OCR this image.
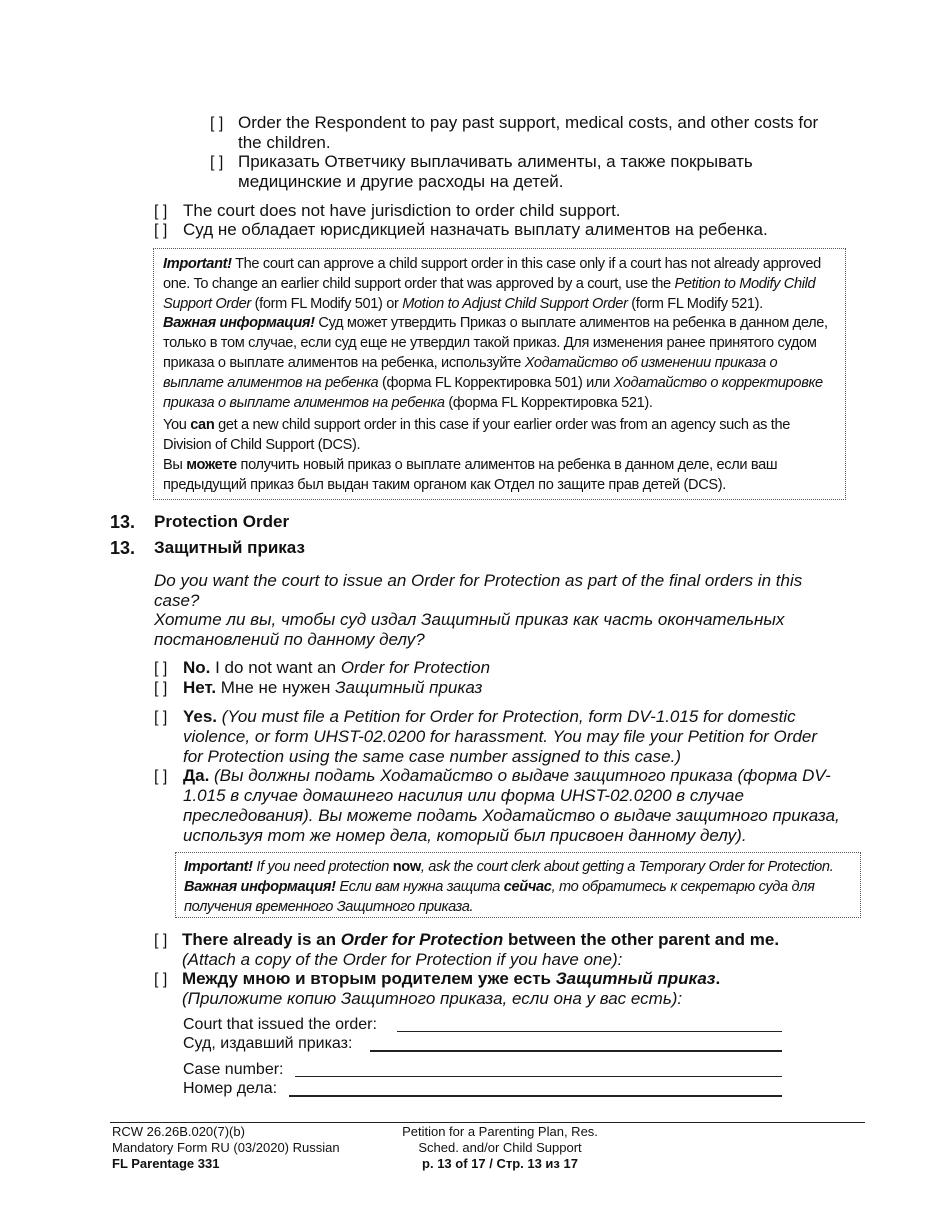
[ ] Order the Respondent to pay past support, medical costs, and other costs for the children.
[ ] Приказать Ответчику выплачивать алименты, а также покрывать медицинские и другие расходы на детей.
[ ] The court does not have jurisdiction to order child support.
[ ] Суд не обладает юрисдикцией назначать выплату алиментов на ребенка.

Important! The court can approve a child support order in this case only if a court has not already approved one. To change an earlier child support order that was approved by a court, use the Petition to Modify Child Support Order (form FL Modify 501) or Motion to Adjust Child Support Order (form FL Modify 521).

Важная информация! Суд может утвердить Приказ о выплате алиментов на ребенка в данном деле, только в том случае, если суд еще не утвердил такой приказ. Для изменения ранее принятого судом приказа о выплате алиментов на ребенка, используйте Ходатайство об изменении приказа о выплате алиментов на ребенка (форма FL Корректировка 501) или Ходатайство о корректировке приказа о выплате алиментов на ребенка (форма FL Корректировка 521).

You can get a new child support order in this case if your earlier order was from an agency such as the Division of Child Support (DCS).

Вы можете получить новый приказ о выплате алиментов на ребенка в данном деле, если ваш предыдущий приказ был выдан таким органом как Отдел по защите прав детей (DCS).

13. Protection Order
13. Защитный приказ
Do you want the court to issue an Order for Protection as part of the final orders in this case?
Хотите ли вы, чтобы суд издал Защитный приказ как часть окончательных постановлений по данному делу?
[ ] No. I do not want an Order for Protection
[ ] Нет. Мне не нужен Защитный приказ
[ ] Yes. (You must file a Petition for Order for Protection, form DV-1.015 for domestic violence, or form UHST-02.0200 for harassment. You may file your Petition for Order for Protection using the same case number assigned to this case.)
[ ] Да. (Вы должны подать Ходатайство о выдаче защитного приказа (форма DV-1.015 в случае домашнего насилия или форма UHST-02.0200 в случае преследования). Вы можете подать Ходатайство о выдаче защитного приказа, используя тот же номер дела, который был присвоен данному делу).

Important! If you need protection now, ask the court clerk about getting a Temporary Order for Protection.

Важная информация! Если вам нужна защита сейчас, то обратитесь к секретарю суда для получения временного Защитного приказа.

[ ] There already is an Order for Protection between the other parent and me.
(Attach a copy of the Order for Protection if you have one):
[ ] Между мною и вторым родителем уже есть Защитный приказ.
(Приложите копию Защитного приказа, если она у вас есть):
Court that issued the order:
Суд, издавший приказ:
Case number:
Номер дела:
RCW 26.26B.020(7)(b)
Mandatory Form RU (03/2020) Russian
FL Parentage 331
Petition for a Parenting Plan, Res.
Sched. and/or Child Support
p. 13 of 17 / Стр. 13 из 17
